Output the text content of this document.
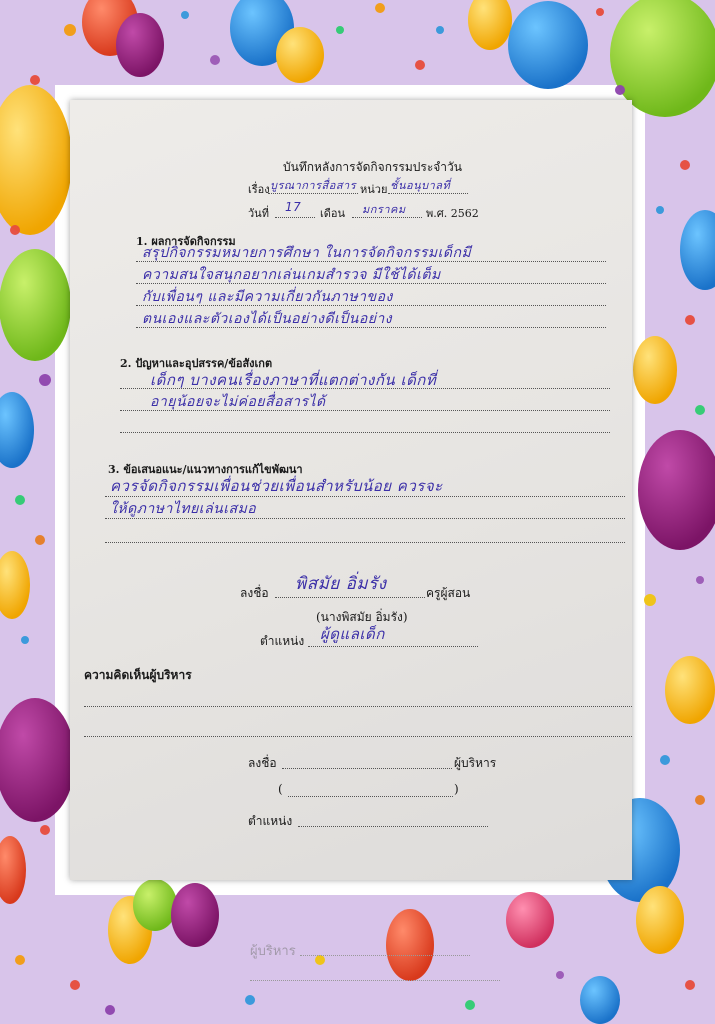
ผู้บริหาร
บันทึกหลังการจัดกิจกรรมประจำวัน
เรื่อง บูรณาการสื่อสาร หน่วย ชั้นอนุบาลที่
วันที่ 17 เดือน มกราคม พ.ศ. 2562
1. ผลการจัดกิจกรรม
สรุปกิจกรรมหมายการศึกษา ในการจัดกิจกรรมเด็กมี
ความสนใจสนุกอยากเล่นเกมสำรวจ มีใช้ได้เต็ม
กับเพื่อนๆ และมีความเกี่ยวกันภาษาของ
ตนเองและตัวเองได้เป็นอย่างดีเป็นอย่าง
2. ปัญหาและอุปสรรค/ข้อสังเกต
เด็กๆ บางคนเรื่องภาษาที่แตกต่างกัน เด็กที่
อายุน้อยจะไม่ค่อยสื่อสารได้
3. ข้อเสนอแนะ/แนวทางการแก้ไขพัฒนา
ควรจัดกิจกรรมเพื่อนช่วยเพื่อนสำหรับน้อย ควรจะ
ให้ดูภาษาไทยเล่นเสมอ
ลงชื่อ พิสมัย อิ่มรัง	ครูผู้สอน
(นางพิสมัย อิ่มรัง)
ตำแหน่ง ผู้ดูแลเด็ก
ความคิดเห็นผู้บริหาร
ลงชื่อ	ผู้บริหาร
(	)
ตำแหน่ง
